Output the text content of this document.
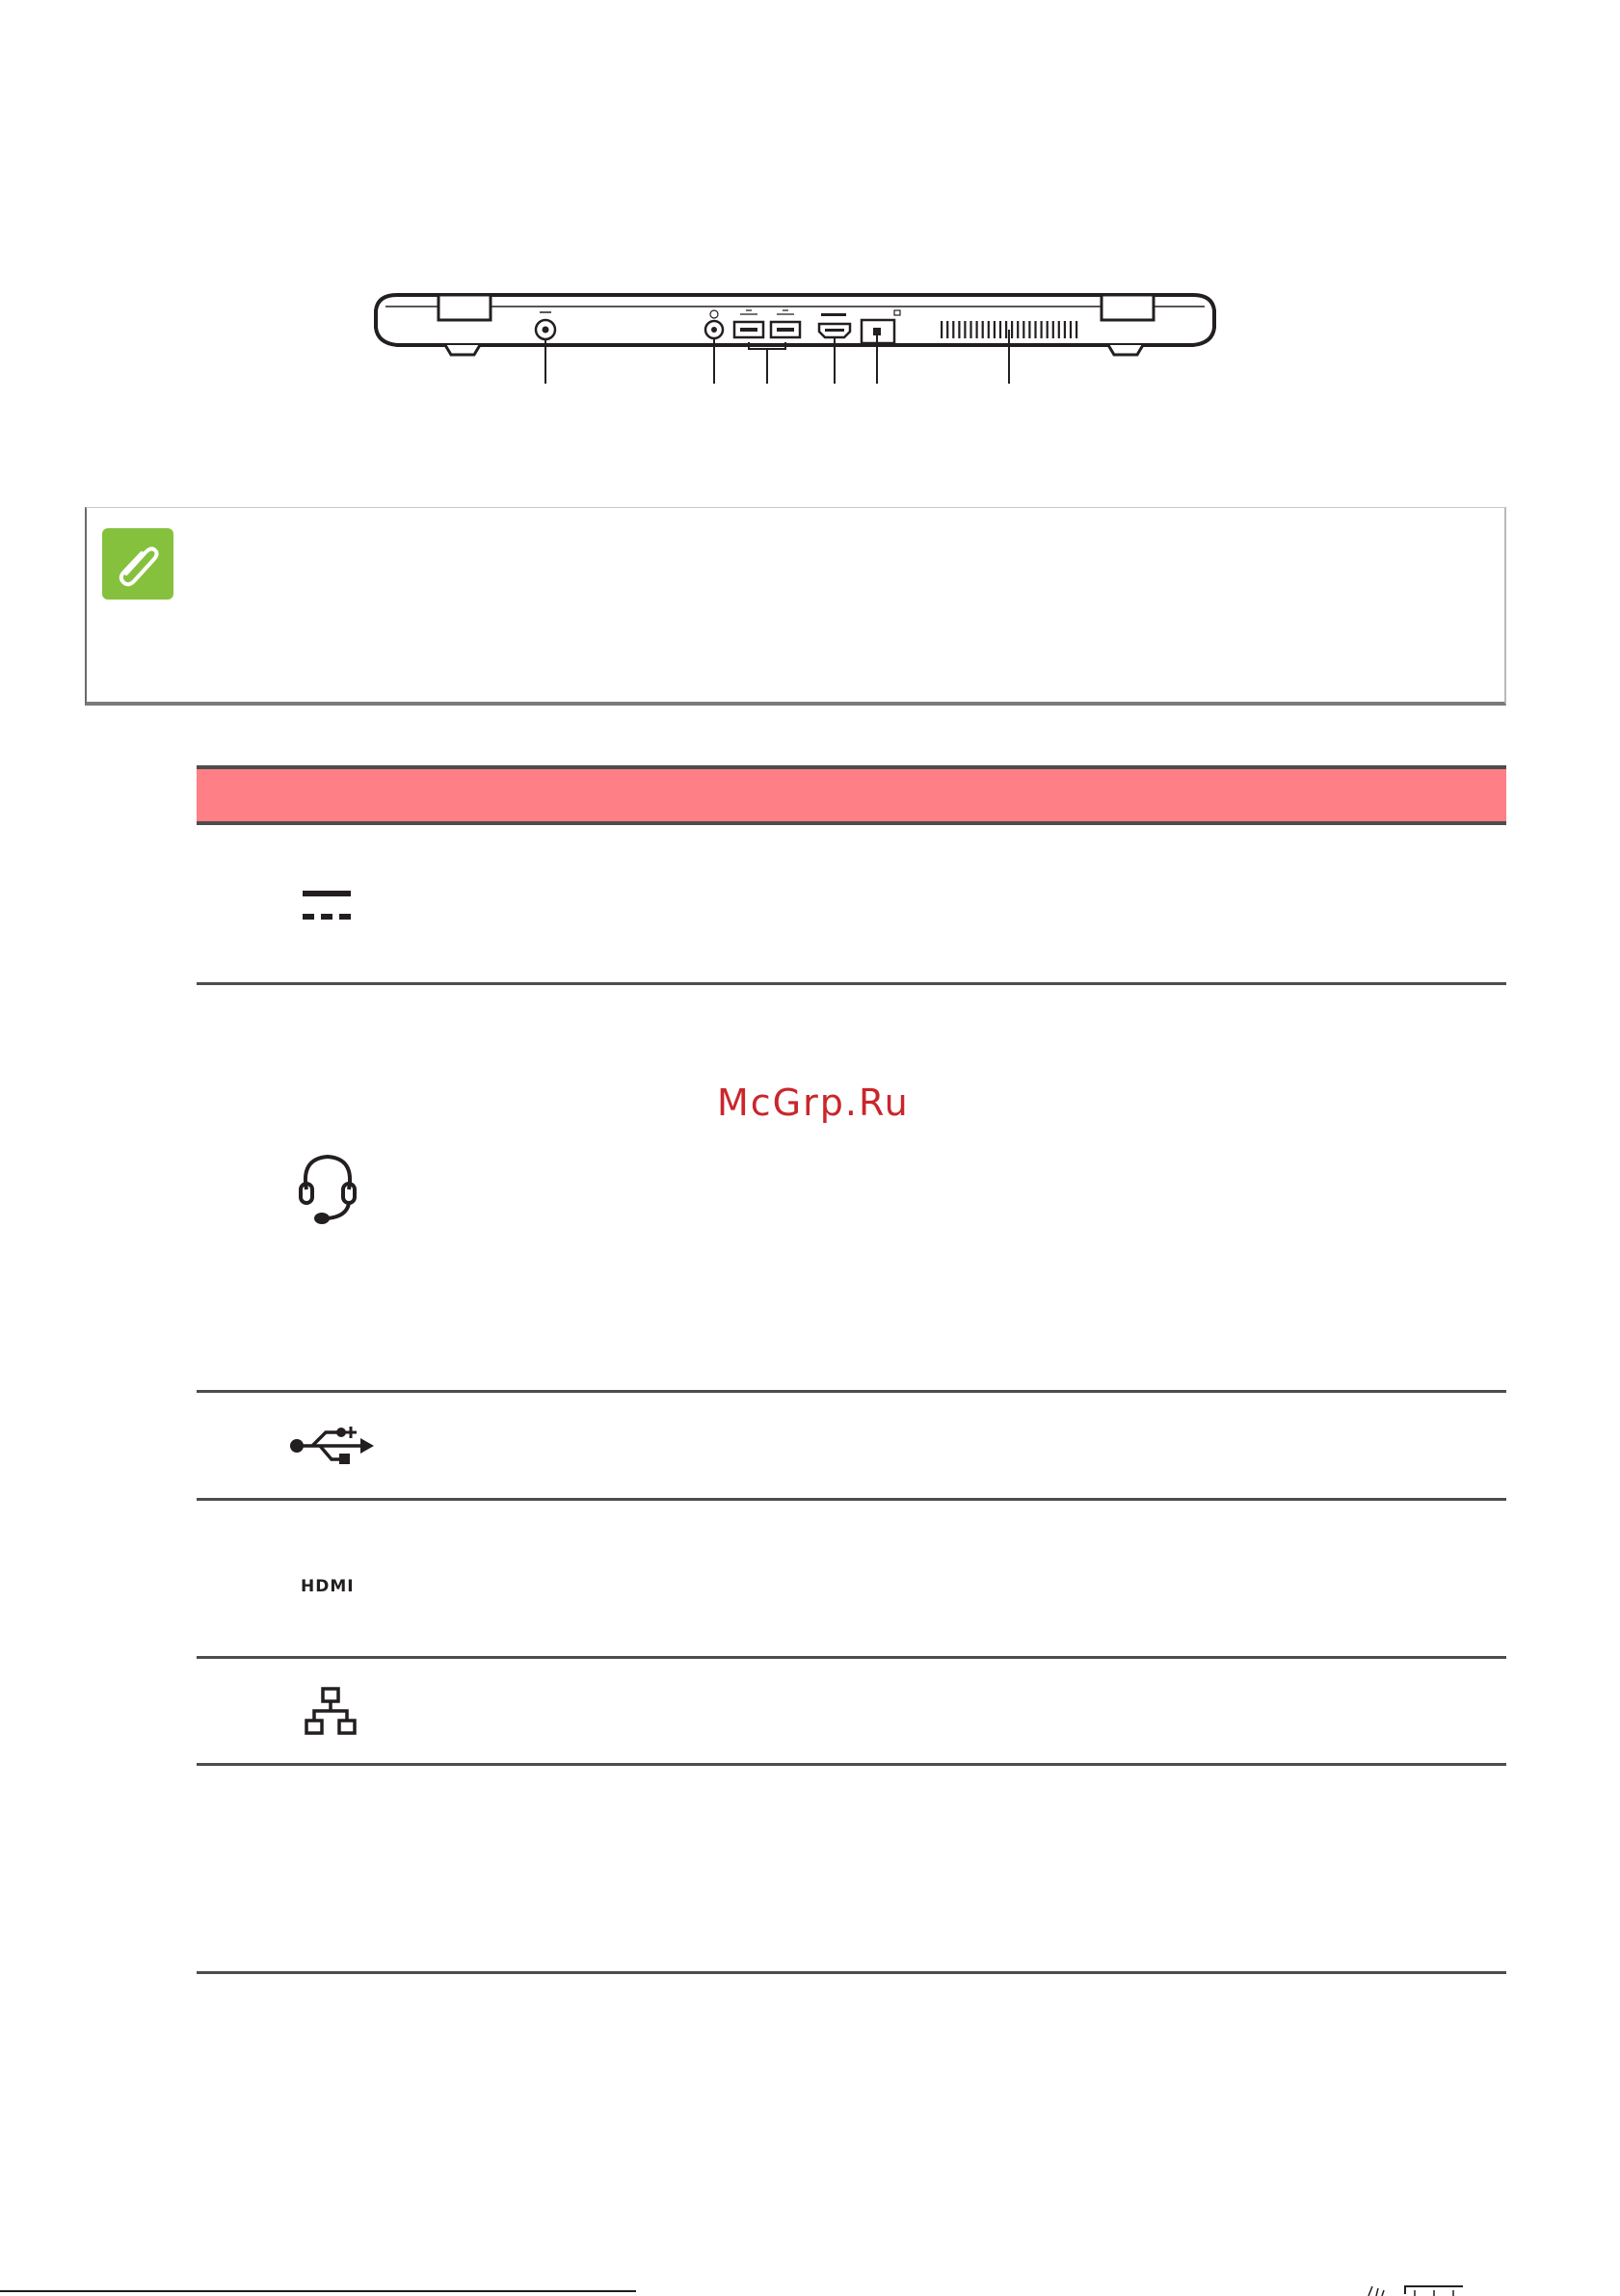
HDMI
McGrp.Ru
